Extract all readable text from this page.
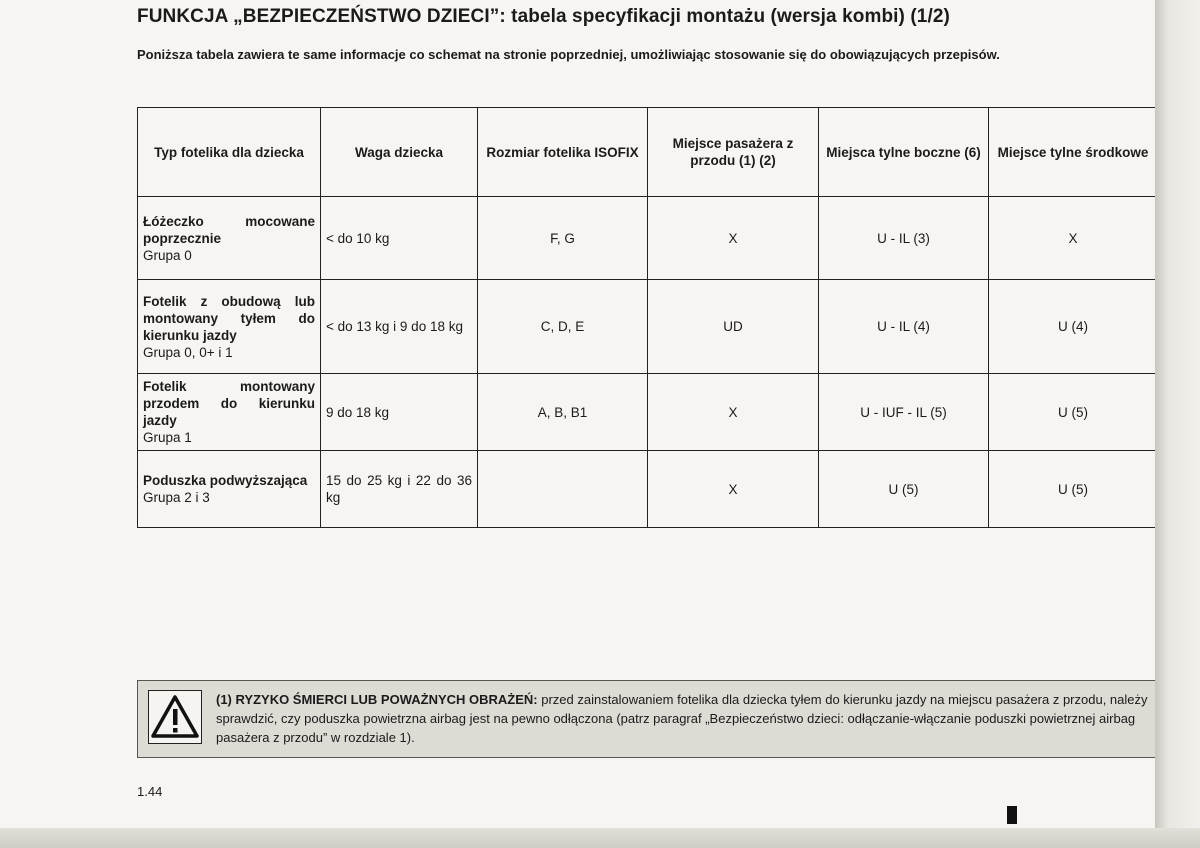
FUNKCJA „BEZPIECZEŃSTWO DZIECI”: tabela specyfikacji montażu (wersja kombi) (1/2)

Poniższa tabela zawiera te same informacje co schemat na stronie poprzedniej, umożliwiając stosowanie się do obowiązujących przepisów.

Typ fotelika dla dziecka	Waga dziecka	Rozmiar fotelika ISOFIX	Miejsce pasażera z przodu (1) (2)	Miejsca tylne boczne (6)	Miejsce tylne środkowe

Łóżeczko mocowane poprzecznie
Grupa 0	< do 10 kg	F, G	X	U - IL (3)	X

Fotelik z obudową lub montowany tyłem do kierunku jazdy
Grupa 0, 0+ i 1	< do 13 kg i 9 do 18 kg	C, D, E	UD	U - IL (4)	U (4)

Fotelik montowany przodem do kierunku jazdy
Grupa 1	9 do 18 kg	A, B, B1	X	U - IUF - IL (5)	U (5)

Poduszka podwyższająca
Grupa 2 i 3	15 do 25 kg i 22 do 36 kg		X	U (5)	U (5)

(1) RYZYKO ŚMIERCI LUB POWAŻNYCH OBRAŻEŃ: przed zainstalowaniem fotelika dla dziecka tyłem do kierunku jazdy na miejscu pasażera z przodu, należy sprawdzić, czy poduszka powietrzna airbag jest na pewno odłączona (patrz paragraf „Bezpieczeństwo dzieci: odłączanie-włączanie poduszki powietrznej airbag pasażera z przodu” w rozdziale 1).

1.44
